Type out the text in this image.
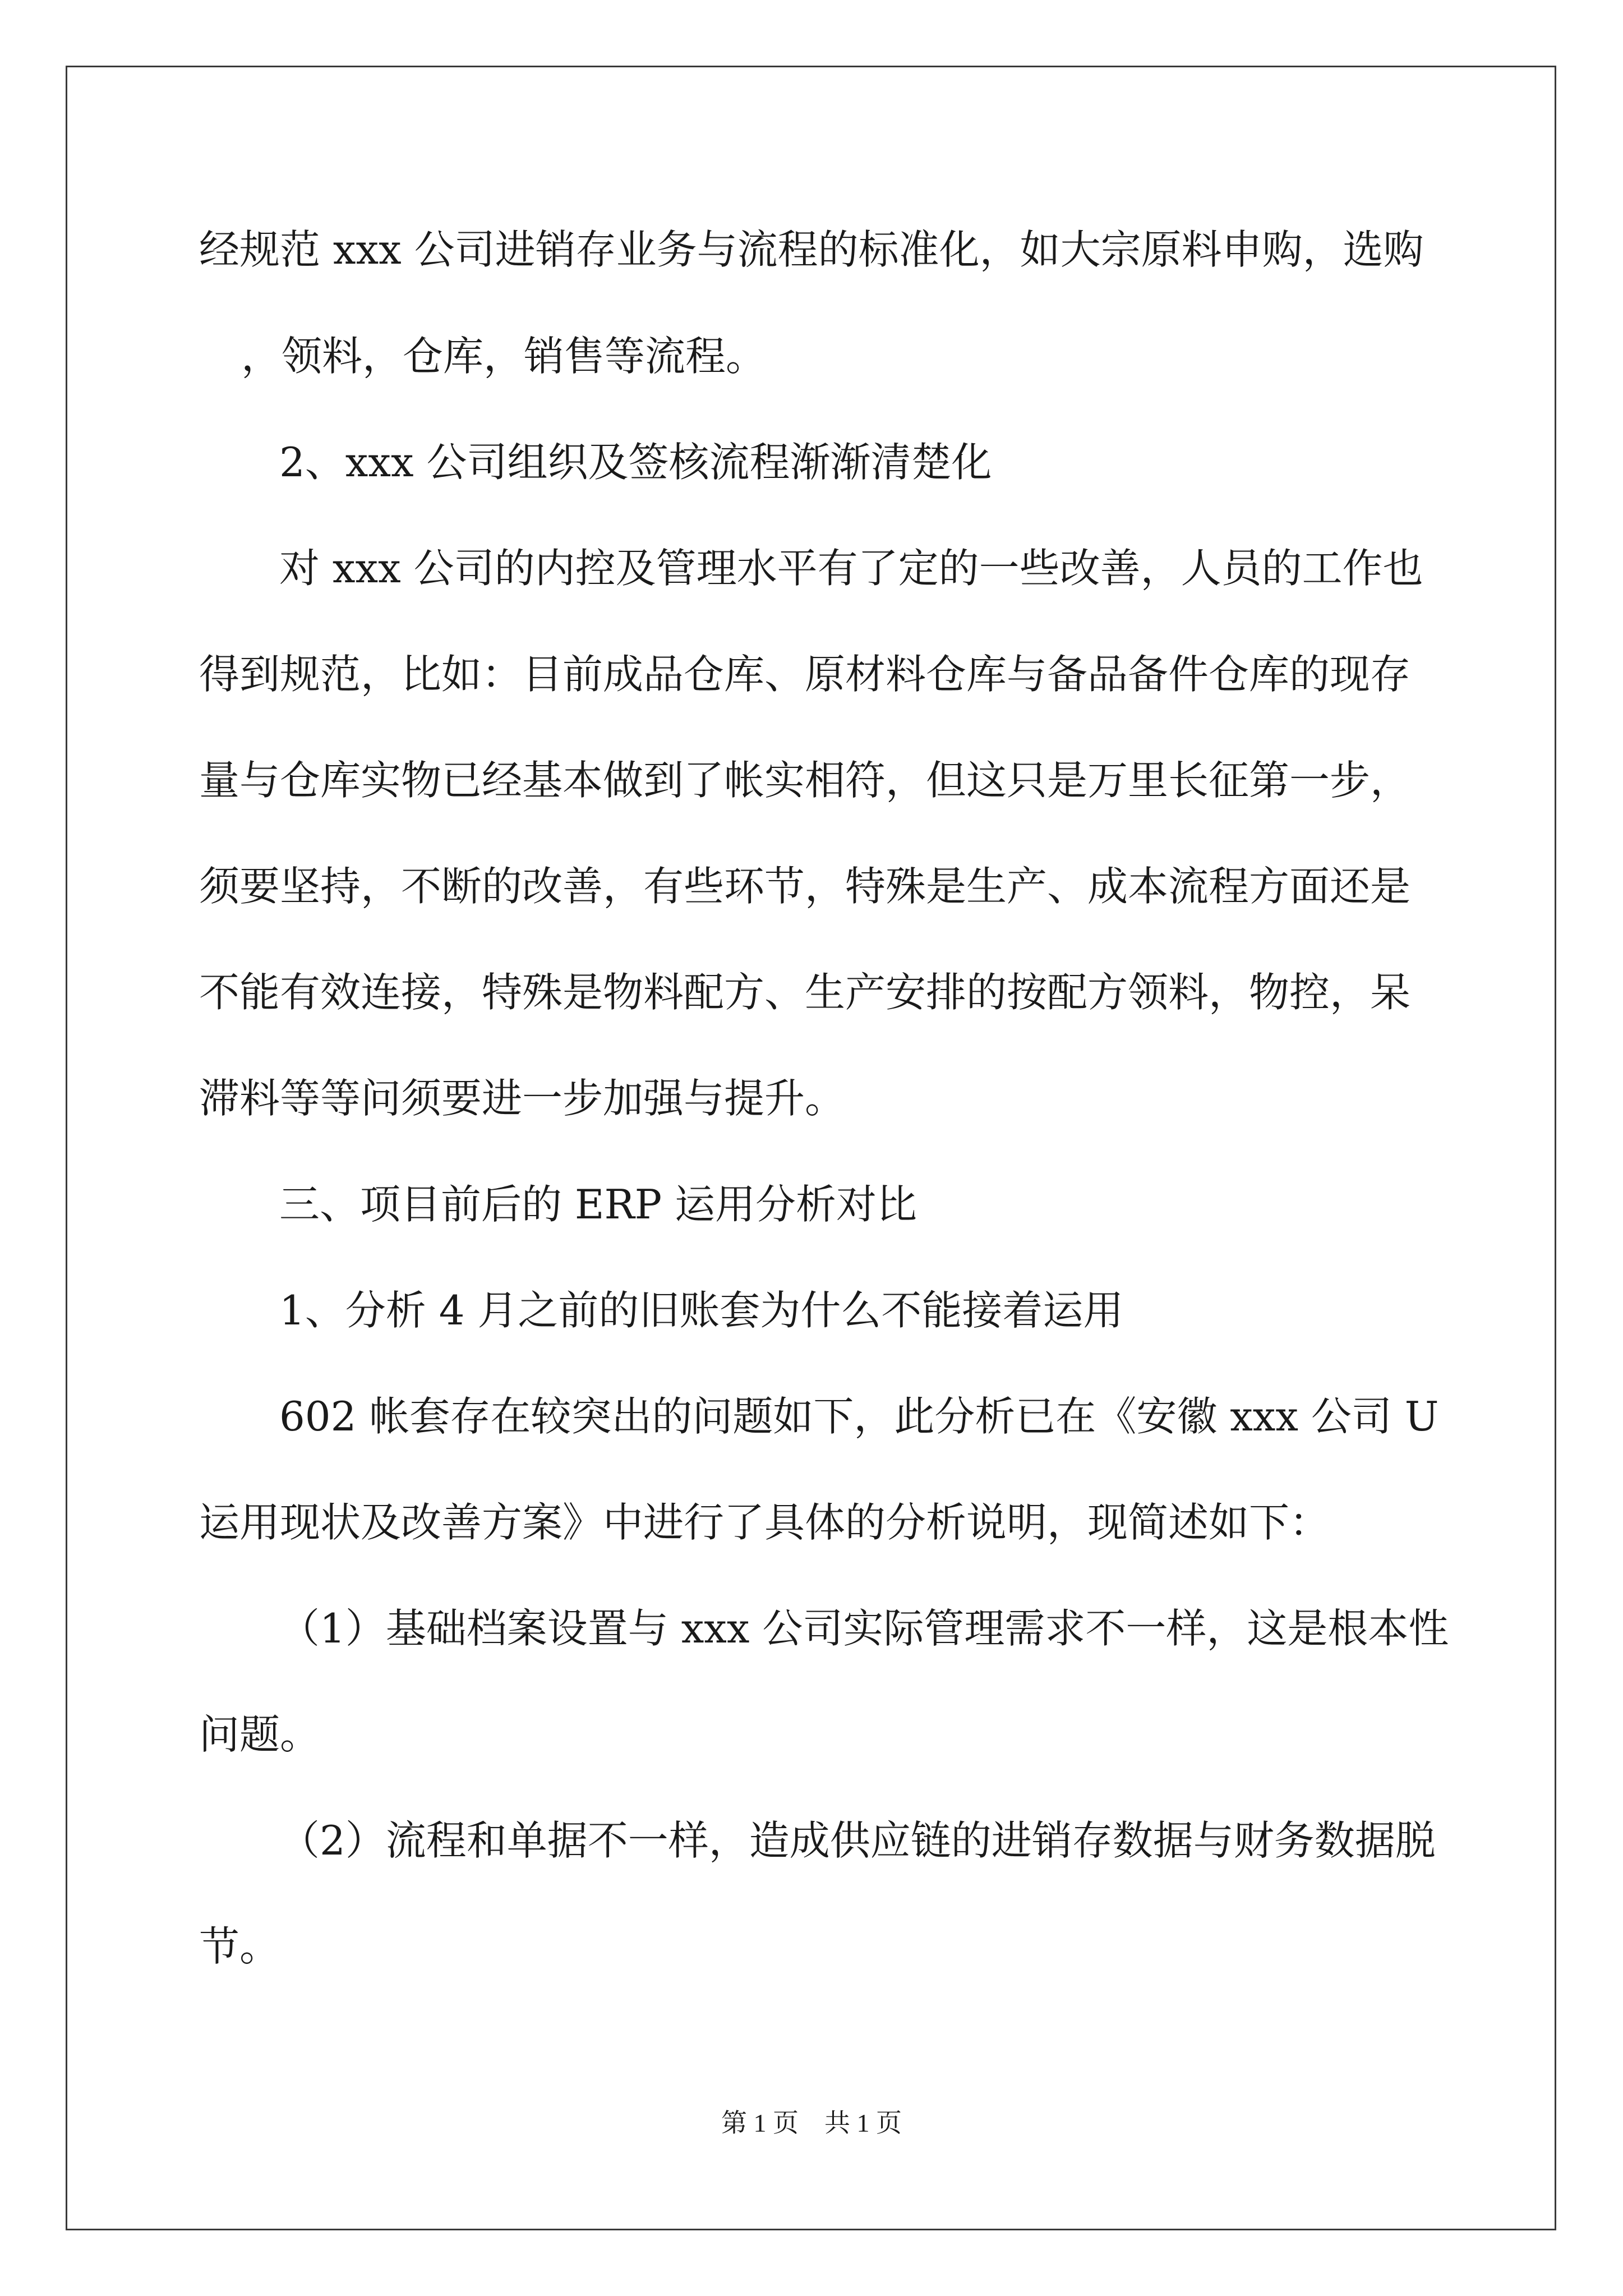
经规范 xxx 公司进销存业务与流程的标准化，如大宗原料申购，选购
，领料，仓库，销售等流程。
2、xxx 公司组织及签核流程渐渐清楚化
对 xxx 公司的内控及管理水平有了定的一些改善，人员的工作也
得到规范，比如：目前成品仓库、原材料仓库与备品备件仓库的现存
量与仓库实物已经基本做到了帐实相符，但这只是万里长征第一步，
须要坚持，不断的改善，有些环节，特殊是生产、成本流程方面还是
不能有效连接，特殊是物料配方、生产安排的按配方领料，物控，呆
滞料等等问须要进一步加强与提升。
三、项目前后的 ERP 运用分析对比
1、分析 4 月之前的旧账套为什么不能接着运用
602 帐套存在较突出的问题如下，此分析已在《安徽 xxx 公司 U
运用现状及改善方案》中进行了具体的分析说明，现简述如下：
（1）基础档案设置与 xxx 公司实际管理需求不一样，这是根本性
问题。
（2）流程和单据不一样，造成供应链的进销存数据与财务数据脱
节。
第 1 页　共 1 页
